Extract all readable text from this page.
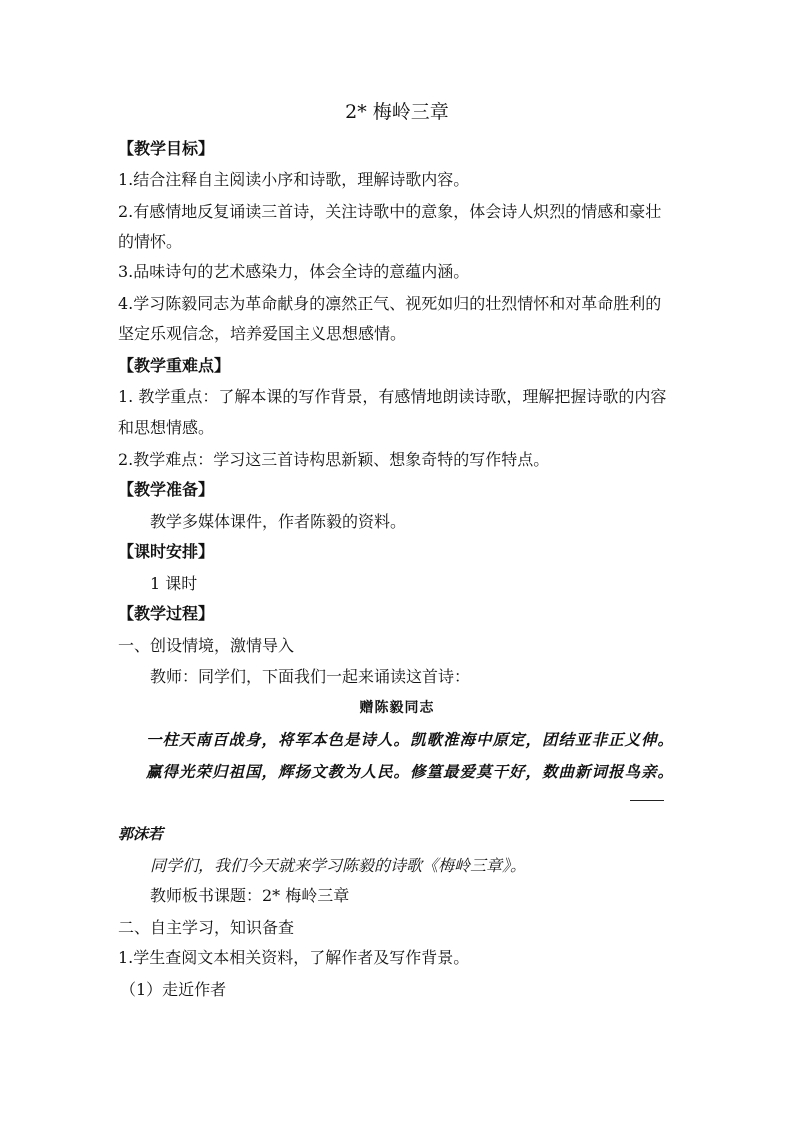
2* 梅岭三章
【教学目标】
1.结合注释自主阅读小序和诗歌，理解诗歌内容。
2.有感情地反复诵读三首诗，关注诗歌中的意象，体会诗人炽烈的情感和豪壮
的情怀。
3.品味诗句的艺术感染力，体会全诗的意蕴内涵。
4.学习陈毅同志为革命献身的凛然正气、视死如归的壮烈情怀和对革命胜利的
坚定乐观信念，培养爱国主义思想感情。
【教学重难点】
1. 教学重点：了解本课的写作背景，有感情地朗读诗歌，理解把握诗歌的内容
和思想情感。
2.教学难点：学习这三首诗构思新颖、想象奇特的写作特点。
【教学准备】
教学多媒体课件，作者陈毅的资料。
【课时安排】
1 课时
【教学过程】
一、创设情境，激情导入
教师：同学们，下面我们一起来诵读这首诗：
赠陈毅同志
一柱天南百战身，将军本色是诗人。凯歌淮海中原定，团结亚非正义伸。
赢得光荣归祖国，辉扬文教为人民。修篁最爱莫干好，数曲新词报鸟亲。
郭沫若
同学们，我们今天就来学习陈毅的诗歌《梅岭三章》。
教师板书课题：2* 梅岭三章
二、自主学习，知识备查
1.学生查阅文本相关资料，了解作者及写作背景。
（1）走近作者
